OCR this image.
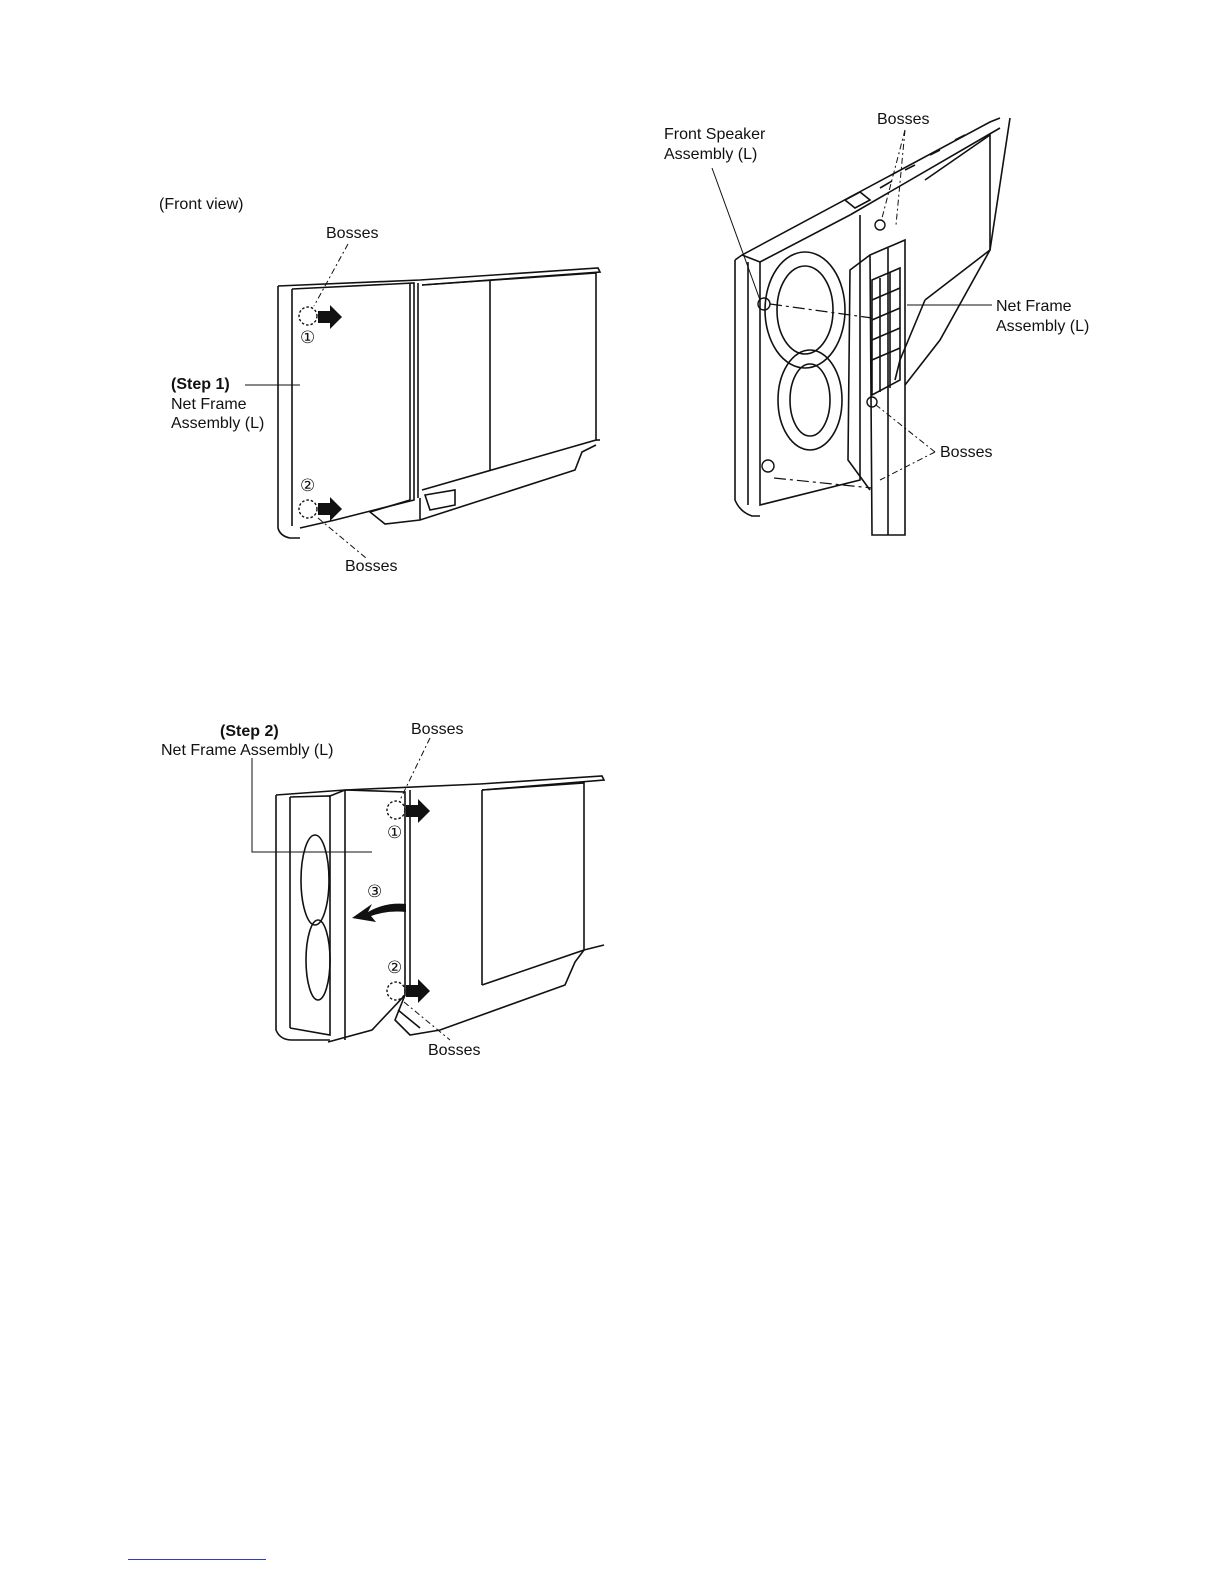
(Front view)
Bosses
①
(Step 1)
Net Frame
Assembly (L)
②
Bosses
Bosses
Front Speaker
Assembly (L)
Net Frame
Assembly (L)
Bosses
(Step 2)
Net Frame Assembly (L)
Bosses
①
③
②
Bosses
